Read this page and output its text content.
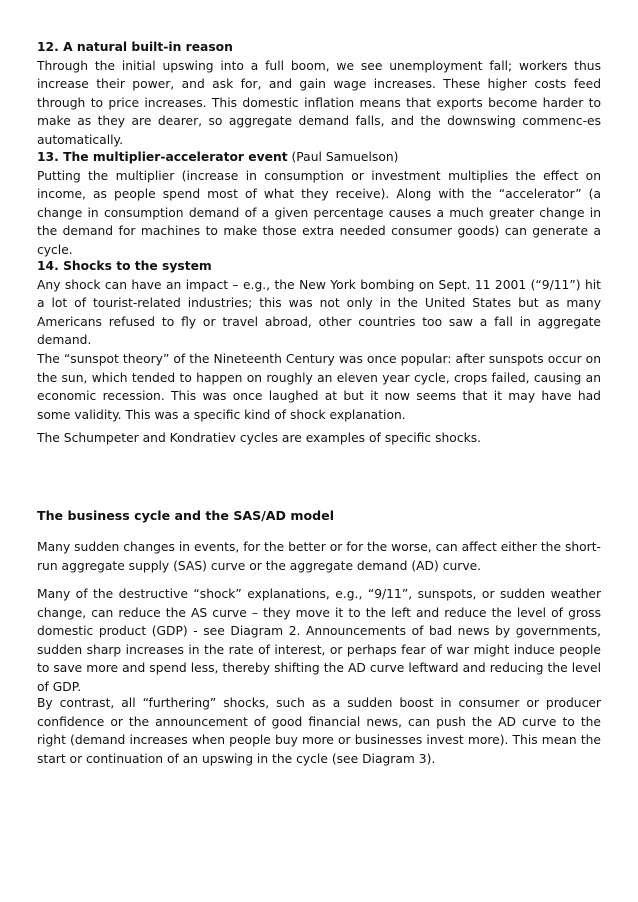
12. A natural built-in reason

Through the initial upswing into a full boom, we see unemployment fall; workers thus increase their power, and ask for, and gain wage increases. These higher costs feed through to price increases. This domestic inflation means that exports become harder to make as they are dearer, so aggregate demand falls, and the downswing commenc-es automatically.

13. The multiplier-accelerator event (Paul Samuelson)

Putting the multiplier (increase in consumption or investment multiplies the effect on income, as people spend most of what they receive). Along with the “accelerator” (a change in consumption demand of a given percentage causes a much greater change in the demand for machines to make those extra needed consumer goods) can generate a cycle.

14. Shocks to the system

Any shock can have an impact – e.g., the New York bombing on Sept. 11 2001 (“9/11”) hit a lot of tourist-related industries; this was not only in the United States but as many Americans refused to fly or travel abroad, other countries too saw a fall in aggregate demand.

The “sunspot theory” of the Nineteenth Century was once popular: after sunspots occur on the sun, which tended to happen on roughly an eleven year cycle, crops failed, causing an economic recession. This was once laughed at but it now seems that it may have had some validity. This was a specific kind of shock explanation.

The Schumpeter and Kondratiev cycles are examples of specific shocks.

The business cycle and the SAS/AD model

Many sudden changes in events, for the better or for the worse, can affect either the short-run aggregate supply (SAS) curve or the aggregate demand (AD) curve.

Many of the destructive “shock” explanations, e.g., “9/11”, sunspots, or sudden weather change, can reduce the AS curve – they move it to the left and reduce the level of gross domestic product (GDP) - see Diagram 2. Announcements of bad news by governments, sudden sharp increases in the rate of interest, or perhaps fear of war might induce people to save more and spend less, thereby shifting the AD curve leftward and reducing the level of GDP.

By contrast, all “furthering” shocks, such as a sudden boost in consumer or producer confidence or the announcement of good financial news, can push the AD curve to the right (demand increases when people buy more or businesses invest more). This mean the start or continuation of an upswing in the cycle (see Diagram 3).
